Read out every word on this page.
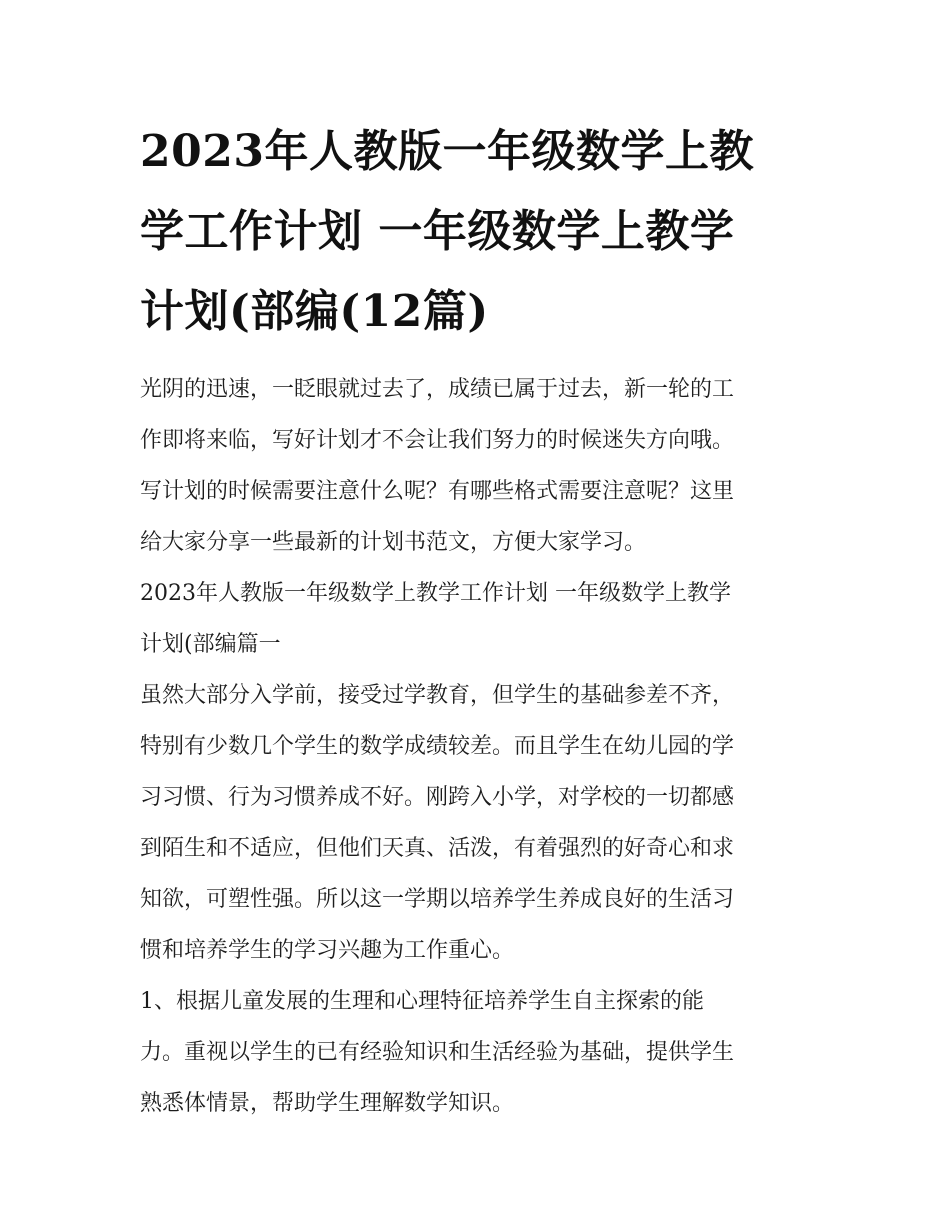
2023年人教版一年级数学上教
学工作计划 一年级数学上教学
计划(部编(12篇)

光阴的迅速，一眨眼就过去了，成绩已属于过去，新一轮的工

作即将来临，写好计划才不会让我们努力的时候迷失方向哦。

写计划的时候需要注意什么呢？有哪些格式需要注意呢？这里

给大家分享一些最新的计划书范文，方便大家学习。

2023年人教版一年级数学上教学工作计划 一年级数学上教学

计划(部编篇一

虽然大部分入学前，接受过学教育，但学生的基础参差不齐，

特别有少数几个学生的数学成绩较差。而且学生在幼儿园的学

习习惯、行为习惯养成不好。刚跨入小学，对学校的一切都感

到陌生和不适应，但他们天真、活泼，有着强烈的好奇心和求

知欲，可塑性强。所以这一学期以培养学生养成良好的生活习

惯和培养学生的学习兴趣为工作重心。

1、根据儿童发展的生理和心理特征培养学生自主探索的能

力。重视以学生的已有经验知识和生活经验为基础，提供学生

熟悉体情景，帮助学生理解数学知识。
